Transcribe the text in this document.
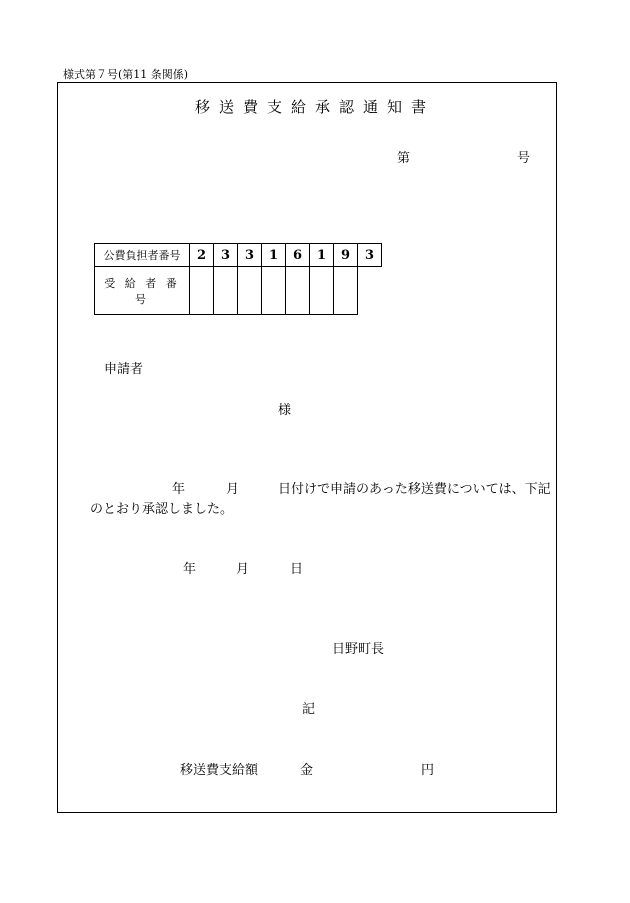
様式第７号(第11 条関係)
移送費支給承認通知書
第	号
公費負担者番号	2	3	3	1	6	1	9	3
受 給 者 番 号								
申請者
様
年	月	日付けで申請のあった移送費については、下記
のとおり承認しました。
年	月	日
日野町長
記
移送費支給額	金	円
